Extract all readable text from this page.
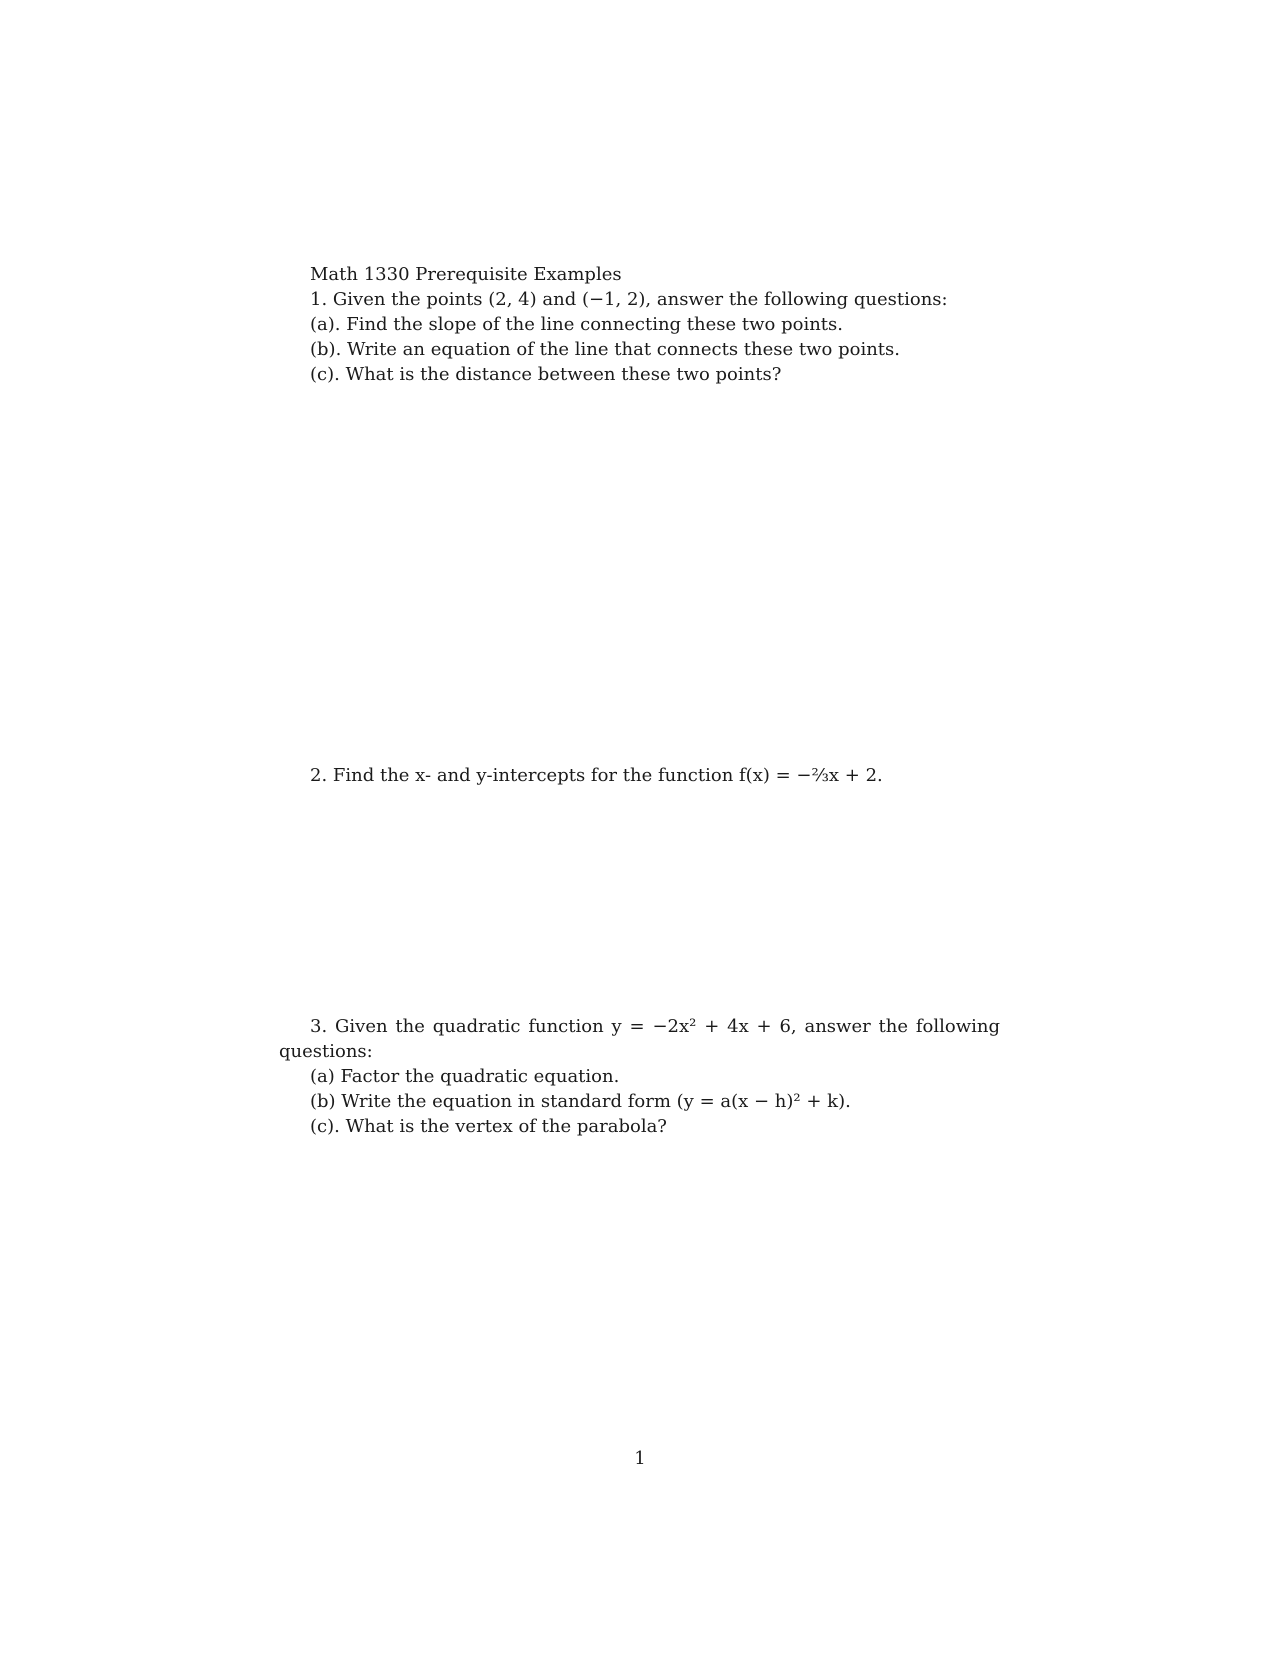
Math 1330 Prerequisite Examples
1. Given the points (2, 4) and (−1, 2), answer the following questions:
(a). Find the slope of the line connecting these two points.
(b). Write an equation of the line that connects these two points.
(c). What is the distance between these two points?
2. Find the x- and y-intercepts for the function f(x) = −⅔x + 2.
3. Given the quadratic function y = −2x² + 4x + 6, answer the following
questions:
(a) Factor the quadratic equation.
(b) Write the equation in standard form (y = a(x − h)² + k).
(c). What is the vertex of the parabola?
1
